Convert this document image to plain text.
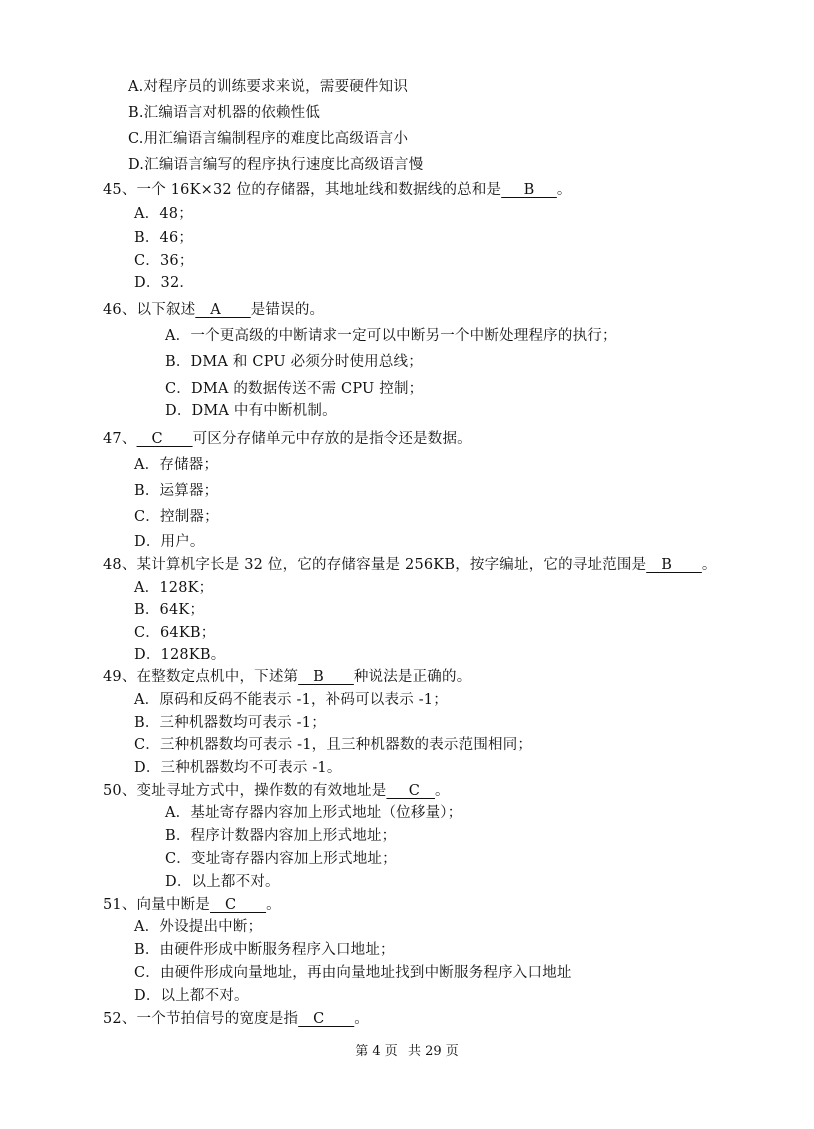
A.对程序员的训练要求来说，需要硬件知识
B.汇编语言对机器的依赖性低
C.用汇编语言编制程序的难度比高级语言小
D.汇编语言编写的程序执行速度比高级语言慢
45、一个 16K×32 位的存储器，其地址线和数据线的总和是___B___。
A．48；
B．46；
C．36；
D．32．
46、以下叙述__A____是错误的。
A．一个更高级的中断请求一定可以中断另一个中断处理程序的执行；
B．DMA 和 CPU 必须分时使用总线；
C．DMA 的数据传送不需 CPU 控制；
D．DMA 中有中断机制。
47、__C____可区分存储单元中存放的是指令还是数据。
A．存储器；
B．运算器；
C．控制器；
D．用户。
48、某计算机字长是 32 位，它的存储容量是 256KB，按字编址，它的寻址范围是__B____。
A．128K；
B．64K；
C．64KB；
D．128KB。
49、在整数定点机中，下述第__B____种说法是正确的。
A．原码和反码不能表示 -1，补码可以表示 -1；
B．三种机器数均可表示 -1；
C．三种机器数均可表示 -1，且三种机器数的表示范围相同；
D．三种机器数均不可表示 -1。
50、变址寻址方式中，操作数的有效地址是___C__。
A．基址寄存器内容加上形式地址（位移量）；
B．程序计数器内容加上形式地址；
C．变址寄存器内容加上形式地址；
D．以上都不对。
51、向量中断是__C____。
A．外设提出中断；
B．由硬件形成中断服务程序入口地址；
C．由硬件形成向量地址，再由向量地址找到中断服务程序入口地址
D．以上都不对。
52、一个节拍信号的宽度是指__C____。
第 4 页 共 29 页
